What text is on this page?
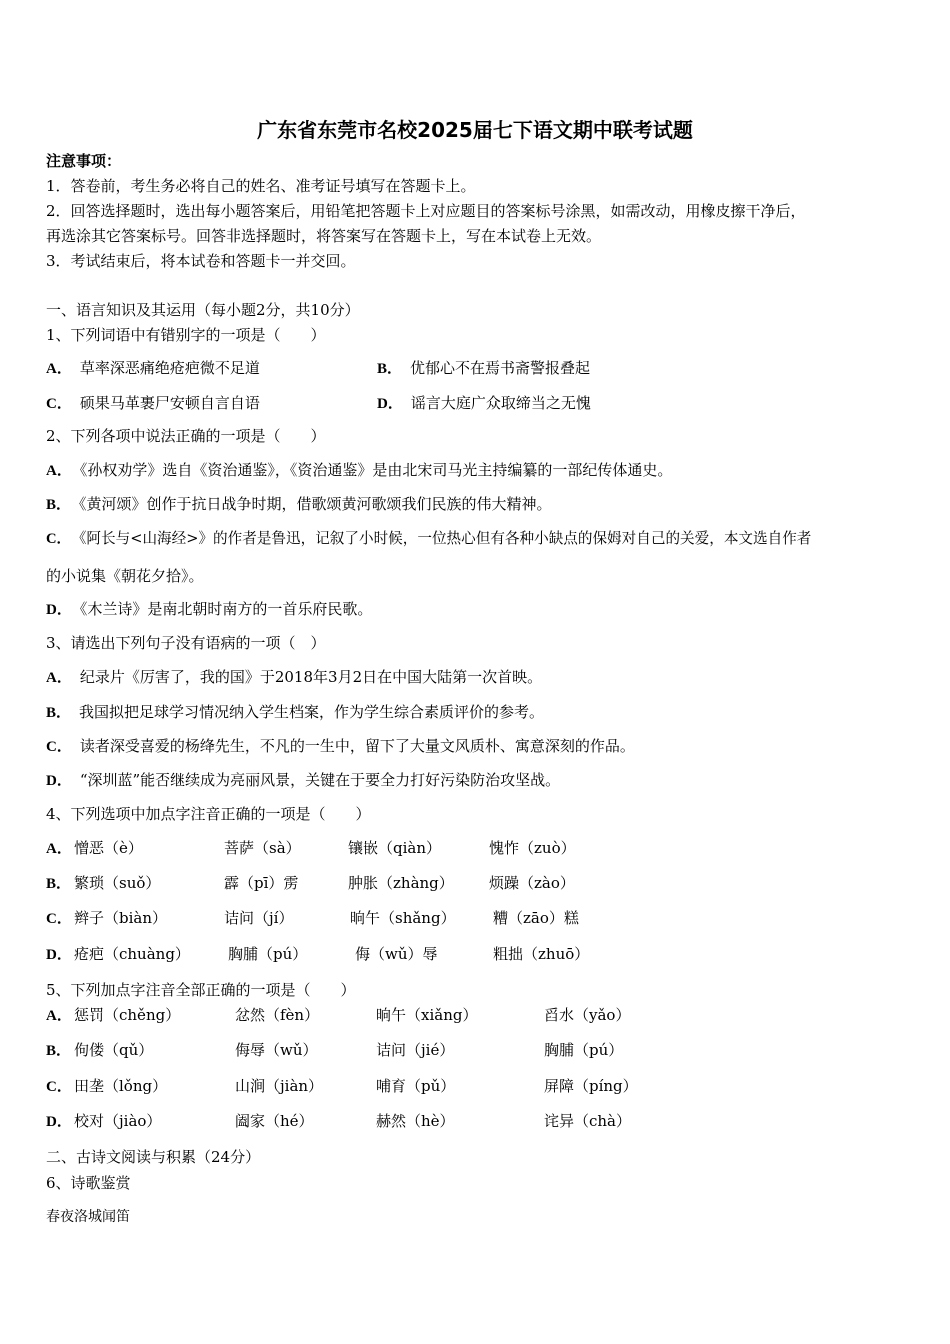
广东省东莞市名校2025届七下语文期中联考试题
注意事项：
1．答卷前，考生务必将自己的姓名、准考证号填写在答题卡上。
2．回答选择题时，选出每小题答案后，用铅笔把答题卡上对应题目的答案标号涂黑，如需改动，用橡皮擦干净后，
再选涂其它答案标号。回答非选择题时，将答案写在答题卡上，写在本试卷上无效。
3．考试结束后，将本试卷和答题卡一并交回。
一、语言知识及其运用（每小题2分，共10分）
1、下列词语中有错别字的一项是（　　）
A． 草率深恶痛绝疮疤微不足道	B． 优郁心不在焉书斋警报叠起
C． 硕果马革裹尸安顿自言自语	D． 谣言大庭广众取缔当之无愧
2、下列各项中说法正确的一项是（　　）
A． 《孙权劝学》选自《资治通鉴》，《资治通鉴》是由北宋司马光主持编纂的一部纪传体通史。
B． 《黄河颂》创作于抗日战争时期，借歌颂黄河歌颂我们民族的伟大精神。
C． 《阿长与<山海经>》的作者是鲁迅，记叙了小时候，一位热心但有各种小缺点的保姆对自己的关爱，本文选自作者
的小说集《朝花夕拾》。
D． 《木兰诗》是南北朝时南方的一首乐府民歌。
3、请选出下列句子没有语病的一项（　）
A． 纪录片《厉害了，我的国》于2018年3月2日在中国大陆第一次首映。
B． 我国拟把足球学习情况纳入学生档案，作为学生综合素质评价的参考。
C． 读者深受喜爱的杨绛先生，不凡的一生中，留下了大量文风质朴、寓意深刻的作品。
D． “深圳蓝”能否继续成为亮丽风景，关键在于要全力打好污染防治攻坚战。
4、下列选项中加点字注音正确的一项是（　　）
A． 憎恶（è）	菩萨（sà）	镶嵌（qiàn）	愧怍（zuò）
B． 繁琐（suǒ）	霹（pī）雳	肿胀（zhàng） 烦躁（zào）
C． 辫子（biàn）	诘问（jí）	晌午（shǎng） 糟（zāo）糕
D． 疮疤（chuàng）	胸脯（pú）	侮（wǔ）辱	粗拙（zhuō）
5、下列加点字注音全部正确的一项是（　　）
A． 惩罚（chěng）	忿然（fèn）	晌午（xiǎng）	舀水（yǎo）
B． 佝偻（qǔ）	侮辱（wǔ）	诘问（jié）	胸脯（pú）
C． 田垄（lǒng）	山涧（jiàn）	哺育（pǔ）	屏障（píng）
D． 校对（jiào）	阖家（hé）	赫然（hè）	诧异（chà）
二、古诗文阅读与积累（24分）
6、诗歌鉴赏
春夜洛城闻笛
